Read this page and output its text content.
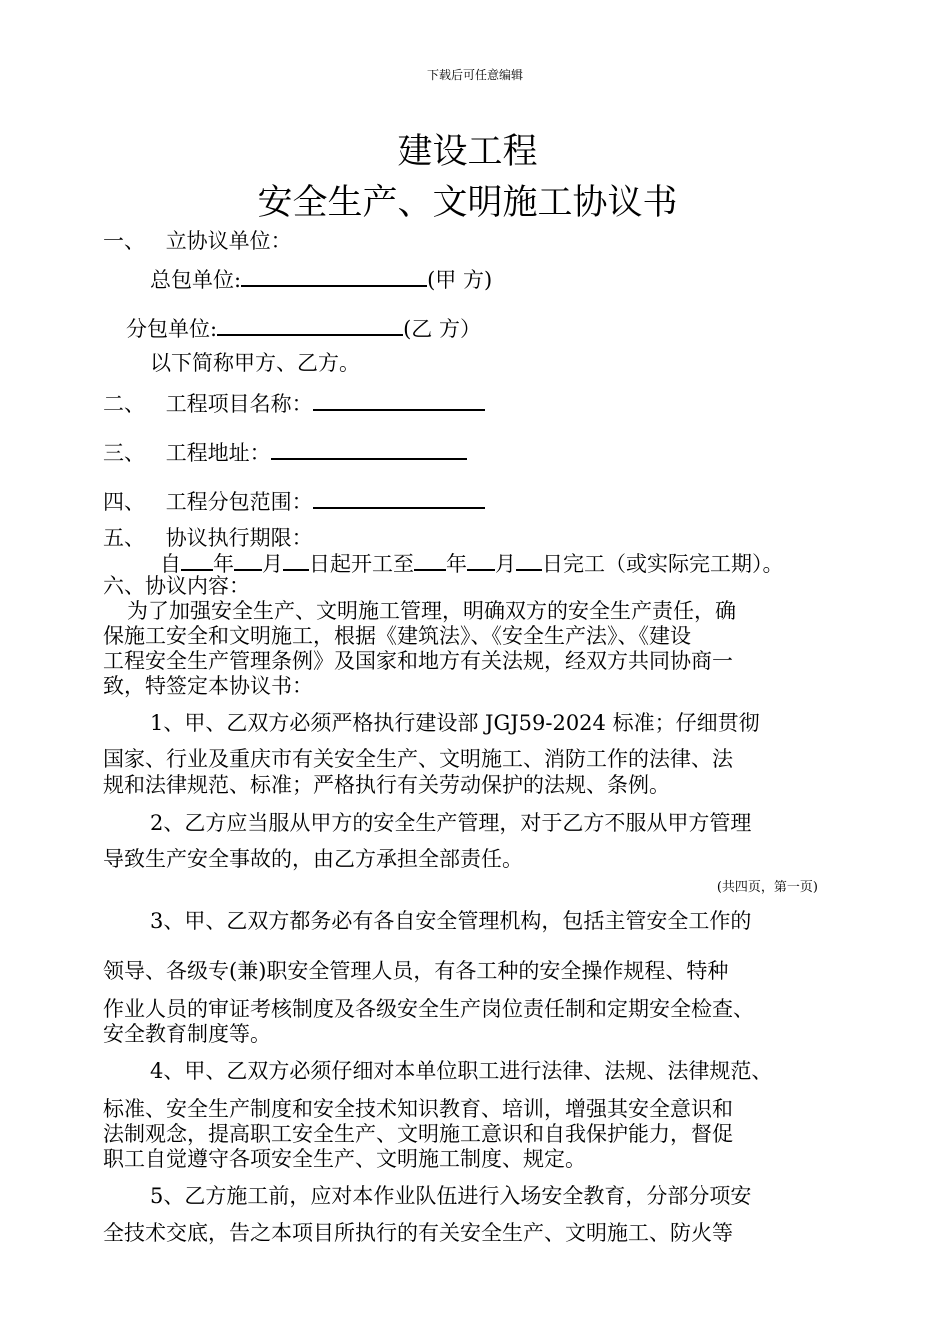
下载后可任意编辑
建设工程
安全生产、文明施工协议书
一、 立协议单位：
总包单位:	(甲 方)
分包单位:	(乙 方）
以下简称甲方、乙方。
二、 工程项目名称：
三、 工程地址：
四、 工程分包范围：
五、 协议执行期限：
自 年 月 日起开工至 年 月 日完工（或实际完工期）。
六、协议内容：
为了加强安全生产、文明施工管理，明确双方的安全生产责任，确
保施工安全和文明施工，根据《建筑法》、《安全生产法》、《建设
工程安全生产管理条例》及国家和地方有关法规，经双方共同协商一
致，特签定本协议书：
1、甲、乙双方必须严格执行建设部 JGJ59-2024 标准；仔细贯彻
国家、行业及重庆市有关安全生产、文明施工、消防工作的法律、法
规和法律规范、标准；严格执行有关劳动保护的法规、条例。
2、乙方应当服从甲方的安全生产管理，对于乙方不服从甲方管理
导致生产安全事故的，由乙方承担全部责任。
(共四页，第一页)
3、甲、乙双方都务必有各自安全管理机构，包括主管安全工作的
领导、各级专(兼)职安全管理人员，有各工种的安全操作规程、特种
作业人员的审证考核制度及各级安全生产岗位责任制和定期安全检查、
安全教育制度等。
4、甲、乙双方必须仔细对本单位职工进行法律、法规、法律规范、
标准、安全生产制度和安全技术知识教育、培训，增强其安全意识和
法制观念，提高职工安全生产、文明施工意识和自我保护能力，督促
职工自觉遵守各项安全生产、文明施工制度、规定。
5、乙方施工前，应对本作业队伍进行入场安全教育，分部分项安
全技术交底，告之本项目所执行的有关安全生产、文明施工、防火等
